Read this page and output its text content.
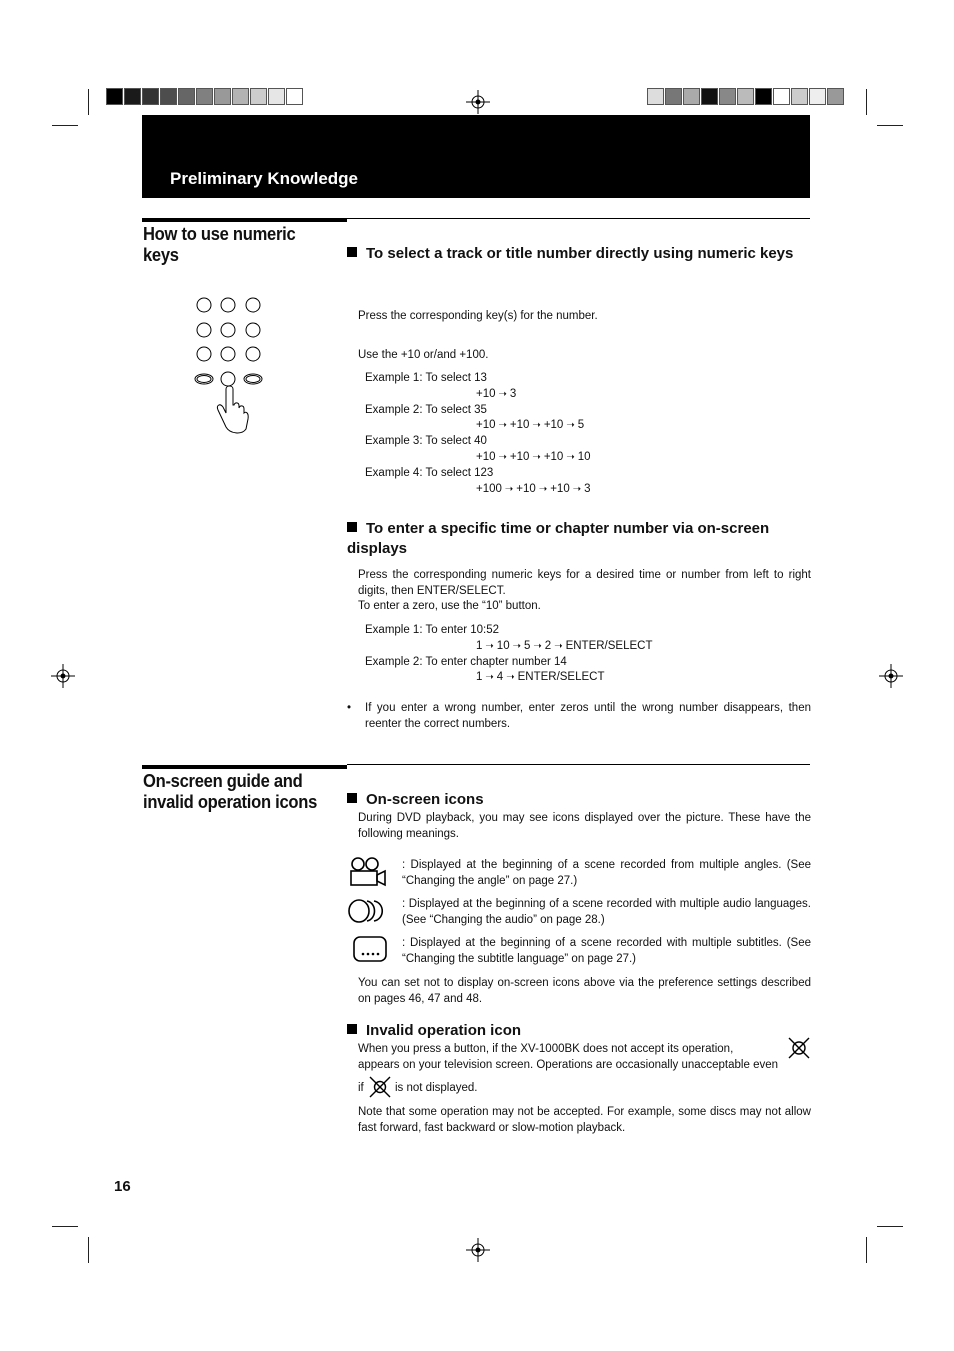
Preliminary Knowledge
How to use numeric keys	To select a track or title number directly using numeric keys
Press the corresponding key(s) for the number.
Use the +10 or/and +100.
Example 1: To select 13
+10 ➝ 3
Example 2: To select 35
+10 ➝ +10 ➝ +10 ➝ 5
Example 3: To select 40
+10 ➝ +10 ➝ +10 ➝ 10
Example 4: To select 123
+100 ➝ +10 ➝ +10 ➝ 3
To enter a specific time or chapter number via on-screen displays
Press the corresponding numeric keys for a desired time or number from left to right digits, then ENTER/SELECT.
To enter a zero, use the “10” button.
Example 1: To enter 10:52
1 ➝ 10 ➝ 5 ➝ 2 ➝ ENTER/SELECT
Example 2: To enter chapter number 14
1 ➝ 4 ➝ ENTER/SELECT
• If you enter a wrong number, enter zeros until the wrong number disappears, then reenter the correct numbers.
On-screen guide and invalid operation icons	On-screen icons
During DVD playback, you may see icons displayed over the picture. These have the following meanings.
: Displayed at the beginning of a scene recorded from multiple angles. (See “Changing the angle” on page 27.)
: Displayed at the beginning of a scene recorded with multiple audio languages. (See “Changing the audio” on page 28.)
: Displayed at the beginning of a scene recorded with multiple subtitles. (See “Changing the subtitle language” on page 27.)
You can set not to display on-screen icons above via the preference settings described on pages 46, 47 and 48.
Invalid operation icon
When you press a button, if the XV-1000BK does not accept its operation,
appears on your television screen. Operations are occasionally unacceptable even
if	is not displayed.
Note that some operation may not be accepted. For example, some discs may not allow fast forward, fast backward or slow-motion playback.
16
